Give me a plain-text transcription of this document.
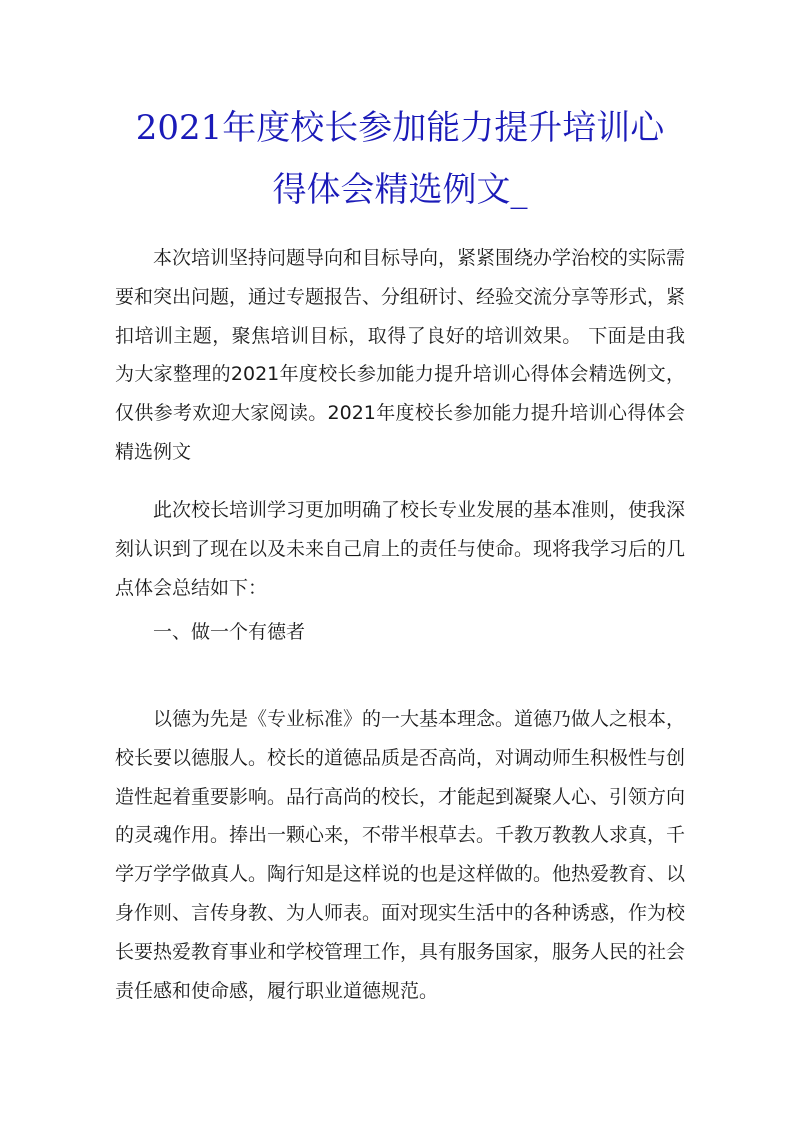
2021年度校长参加能力提升培训心
得体会精选例文_

本次培训坚持问题导向和目标导向，紧紧围绕办学治校的实际需要和突出问题，通过专题报告、分组研讨、经验交流分享等形式，紧扣培训主题，聚焦培训目标，取得了良好的培训效果。 下面是由我为大家整理的2021年度校长参加能力提升培训心得体会精选例文，仅供参考欢迎大家阅读。2021年度校长参加能力提升培训心得体会精选例文

此次校长培训学习更加明确了校长专业发展的基本准则，使我深刻认识到了现在以及未来自己肩上的责任与使命。现将我学习后的几点体会总结如下：

一、做一个有德者

以德为先是《专业标准》的一大基本理念。道德乃做人之根本，校长要以德服人。校长的道德品质是否高尚，对调动师生积极性与创造性起着重要影响。品行高尚的校长，才能起到凝聚人心、引领方向的灵魂作用。捧出一颗心来，不带半根草去。千教万教教人求真，千学万学学做真人。陶行知是这样说的也是这样做的。他热爱教育、以身作则、言传身教、为人师表。面对现实生活中的各种诱惑，作为校长要热爱教育事业和学校管理工作，具有服务国家，服务人民的社会责任感和使命感，履行职业道德规范。
